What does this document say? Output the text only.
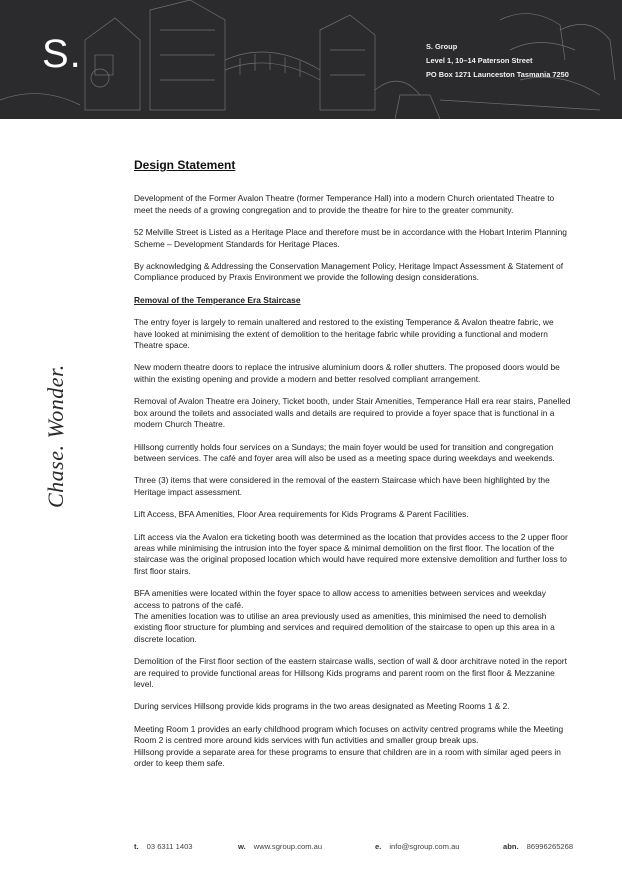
S.	S. Group
Level 1, 10–14 Paterson Street
PO Box 1271 Launceston Tasmania 7250
Chase. Wonder.
Design Statement

Development of the Former Avalon Theatre (former Temperance Hall) into a modern Church orientated Theatre to meet the needs of a growing congregation and to provide the theatre for hire to the greater community.

52 Melville Street is Listed as a Heritage Place and therefore must be in accordance with the Hobart Interim Planning Scheme – Development Standards for Heritage Places.

By acknowledging & Addressing the Conservation Management Policy, Heritage Impact Assessment & Statement of Compliance produced by Praxis Environment we provide the following design considerations.

Removal of the Temperance Era Staircase

The entry foyer is largely to remain unaltered and restored to the existing Temperance & Avalon theatre fabric, we have looked at minimising the extent of demolition to the heritage fabric while providing a functional and modern Theatre space.

New modern theatre doors to replace the intrusive aluminium doors & roller shutters. The proposed doors would be within the existing opening and provide a modern and better resolved compliant arrangement.

Removal of Avalon Theatre era Joinery, Ticket booth, under Stair Amenities, Temperance Hall era rear stairs, Panelled box around the toilets and associated walls and details are required to provide a foyer space that is functional in a modern Church Theatre.

Hillsong currently holds four services on a Sundays; the main foyer would be used for transition and congregation between services. The café and foyer area will also be used as a meeting space during weekdays and weekends.

Three (3) items that were considered in the removal of the eastern Staircase which have been highlighted by the Heritage impact assessment.

Lift Access, BFA Amenities, Floor Area requirements for Kids Programs & Parent Facilities.

Lift access via the Avalon era ticketing booth was determined as the location that provides access to the 2 upper floor areas while minimising the intrusion into the foyer space & minimal demolition on the first floor. The location of the staircase was the original proposed location which would have required more extensive demolition and further loss to first floor stairs.

BFA amenities were located within the foyer space to allow access to amenities between services and weekday access to patrons of the café.

The amenities location was to utilise an area previously used as amenities, this minimised the need to demolish existing floor structure for plumbing and services and required demolition of the staircase to open up this area in a discrete location.

Demolition of the First floor section of the eastern staircase walls, section of wall & door architrave noted in the report are required to provide functional areas for Hillsong Kids programs and parent room on the first floor & Mezzanine level.

During services Hillsong provide kids programs in the two areas designated as Meeting Rooms 1 & 2.

Meeting Room 1 provides an early childhood program which focuses on activity centred programs while the Meeting Room 2 is centred more around kids services with fun activities and smaller group break ups.

Hillsong provide a separate area for these programs to ensure that children are in a room with similar aged peers in order to keep them safe.

t. 03 6311 1403	w. www.sgroup.com.au	e. info@sgroup.com.au	abn. 86996265268
